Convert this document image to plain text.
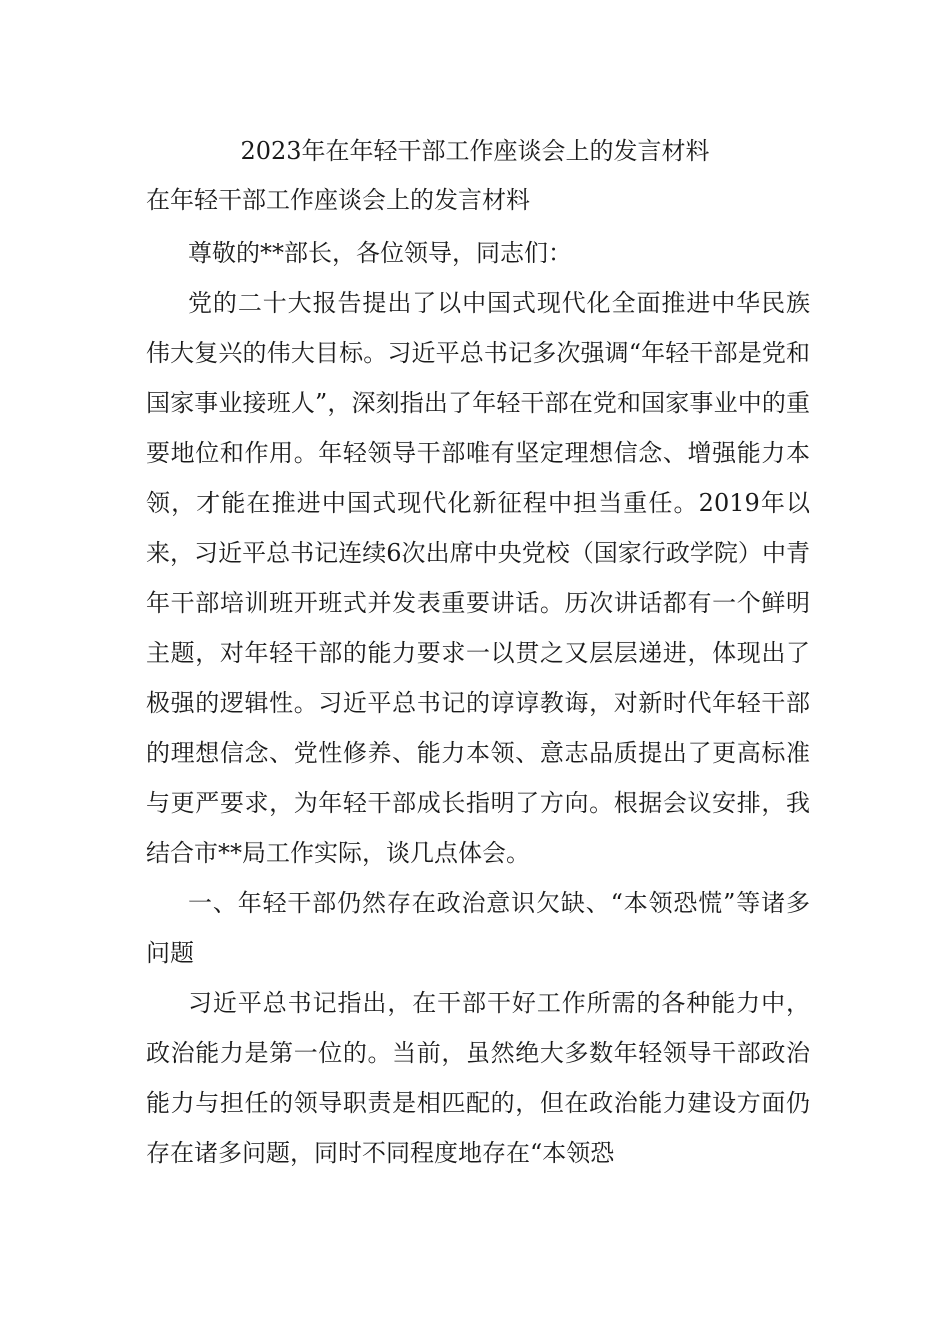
2023年在年轻干部工作座谈会上的发言材料
在年轻干部工作座谈会上的发言材料

尊敬的**部长，各位领导，同志们：

党的二十大报告提出了以中国式现代化全面推进中华民族伟大复兴的伟大目标。习近平总书记多次强调“年轻干部是党和国家事业接班人”，深刻指出了年轻干部在党和国家事业中的重要地位和作用。年轻领导干部唯有坚定理想信念、增强能力本领，才能在推进中国式现代化新征程中担当重任。2019年以来，习近平总书记连续6次出席中央党校（国家行政学院）中青年干部培训班开班式并发表重要讲话。历次讲话都有一个鲜明主题，对年轻干部的能力要求一以贯之又层层递进，体现出了极强的逻辑性。习近平总书记的谆谆教诲，对新时代年轻干部的理想信念、党性修养、能力本领、意志品质提出了更高标准与更严要求，为年轻干部成长指明了方向。根据会议安排，我结合市**局工作实际，谈几点体会。

一、年轻干部仍然存在政治意识欠缺、“本领恐慌”等诸多问题

习近平总书记指出，在干部干好工作所需的各种能力中，政治能力是第一位的。当前，虽然绝大多数年轻领导干部政治能力与担任的领导职责是相匹配的，但在政治能力建设方面仍存在诸多问题，同时不同程度地存在“本领恐
